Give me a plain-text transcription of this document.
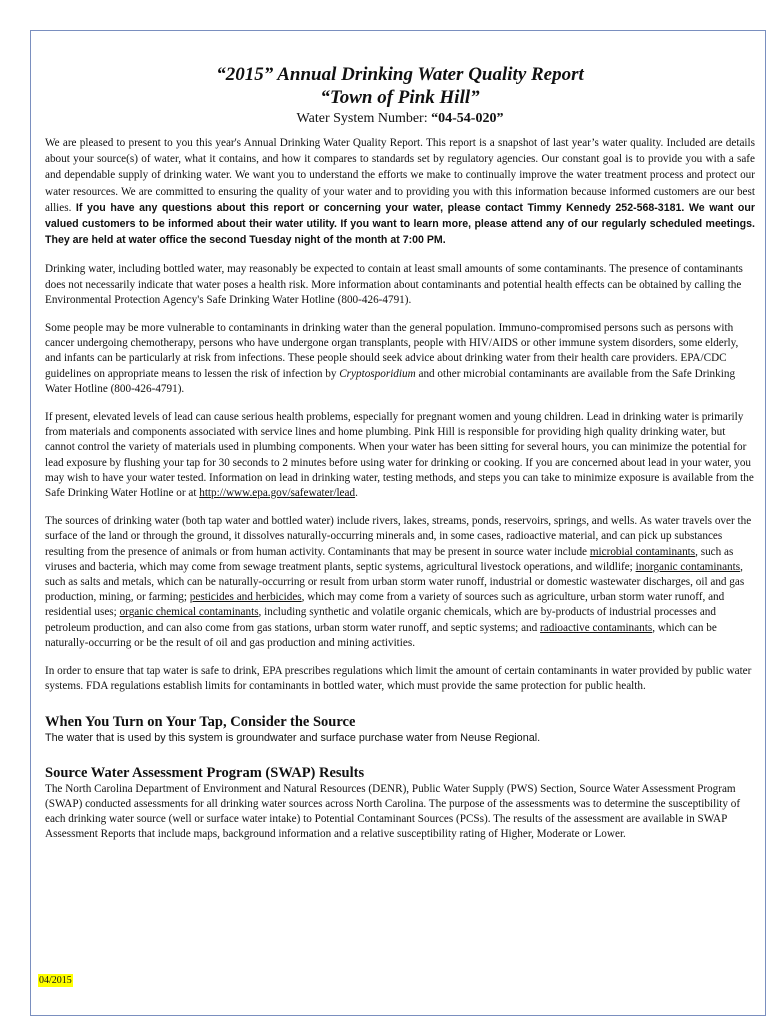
“2015” Annual Drinking Water Quality Report
“Town of Pink Hill”
Water System Number: “04-54-020”

We are pleased to present to you this year's Annual Drinking Water Quality Report. This report is a snapshot of last year’s water quality. Included are details about your source(s) of water, what it contains, and how it compares to standards set by regulatory agencies. Our constant goal is to provide you with a safe and dependable supply of drinking water. We want you to understand the efforts we make to continually improve the water treatment process and protect our water resources. We are committed to ensuring the quality of your water and to providing you with this information because informed customers are our best allies. If you have any questions about this report or concerning your water, please contact Timmy Kennedy 252-568-3181. We want our valued customers to be informed about their water utility. If you want to learn more, please attend any of our regularly scheduled meetings. They are held at water office the second Tuesday night of the month at 7:00 PM.

Drinking water, including bottled water, may reasonably be expected to contain at least small amounts of some contaminants. The presence of contaminants does not necessarily indicate that water poses a health risk. More information about contaminants and potential health effects can be obtained by calling the Environmental Protection Agency's Safe Drinking Water Hotline (800-426-4791).

Some people may be more vulnerable to contaminants in drinking water than the general population. Immuno-compromised persons such as persons with cancer undergoing chemotherapy, persons who have undergone organ transplants, people with HIV/AIDS or other immune system disorders, some elderly, and infants can be particularly at risk from infections. These people should seek advice about drinking water from their health care providers. EPA/CDC guidelines on appropriate means to lessen the risk of infection by Cryptosporidium and other microbial contaminants are available from the Safe Drinking Water Hotline (800-426-4791).

If present, elevated levels of lead can cause serious health problems, especially for pregnant women and young children. Lead in drinking water is primarily from materials and components associated with service lines and home plumbing. Pink Hill is responsible for providing high quality drinking water, but cannot control the variety of materials used in plumbing components. When your water has been sitting for several hours, you can minimize the potential for lead exposure by flushing your tap for 30 seconds to 2 minutes before using water for drinking or cooking. If you are concerned about lead in your water, you may wish to have your water tested. Information on lead in drinking water, testing methods, and steps you can take to minimize exposure is available from the Safe Drinking Water Hotline or at http://www.epa.gov/safewater/lead.

The sources of drinking water (both tap water and bottled water) include rivers, lakes, streams, ponds, reservoirs, springs, and wells. As water travels over the surface of the land or through the ground, it dissolves naturally-occurring minerals and, in some cases, radioactive material, and can pick up substances resulting from the presence of animals or from human activity. Contaminants that may be present in source water include microbial contaminants, such as viruses and bacteria, which may come from sewage treatment plants, septic systems, agricultural livestock operations, and wildlife; inorganic contaminants, such as salts and metals, which can be naturally-occurring or result from urban storm water runoff, industrial or domestic wastewater discharges, oil and gas production, mining, or farming; pesticides and herbicides, which may come from a variety of sources such as agriculture, urban storm water runoff, and residential uses; organic chemical contaminants, including synthetic and volatile organic chemicals, which are by-products of industrial processes and petroleum production, and can also come from gas stations, urban storm water runoff, and septic systems; and radioactive contaminants, which can be naturally-occurring or be the result of oil and gas production and mining activities.

In order to ensure that tap water is safe to drink, EPA prescribes regulations which limit the amount of certain contaminants in water provided by public water systems. FDA regulations establish limits for contaminants in bottled water, which must provide the same protection for public health.

When You Turn on Your Tap, Consider the Source

The water that is used by this system is groundwater and surface purchase water from Neuse Regional.

Source Water Assessment Program (SWAP) Results

The North Carolina Department of Environment and Natural Resources (DENR), Public Water Supply (PWS) Section, Source Water Assessment Program (SWAP) conducted assessments for all drinking water sources across North Carolina. The purpose of the assessments was to determine the susceptibility of each drinking water source (well or surface water intake) to Potential Contaminant Sources (PCSs). The results of the assessment are available in SWAP Assessment Reports that include maps, background information and a relative susceptibility rating of Higher, Moderate or Lower.

04/2015
